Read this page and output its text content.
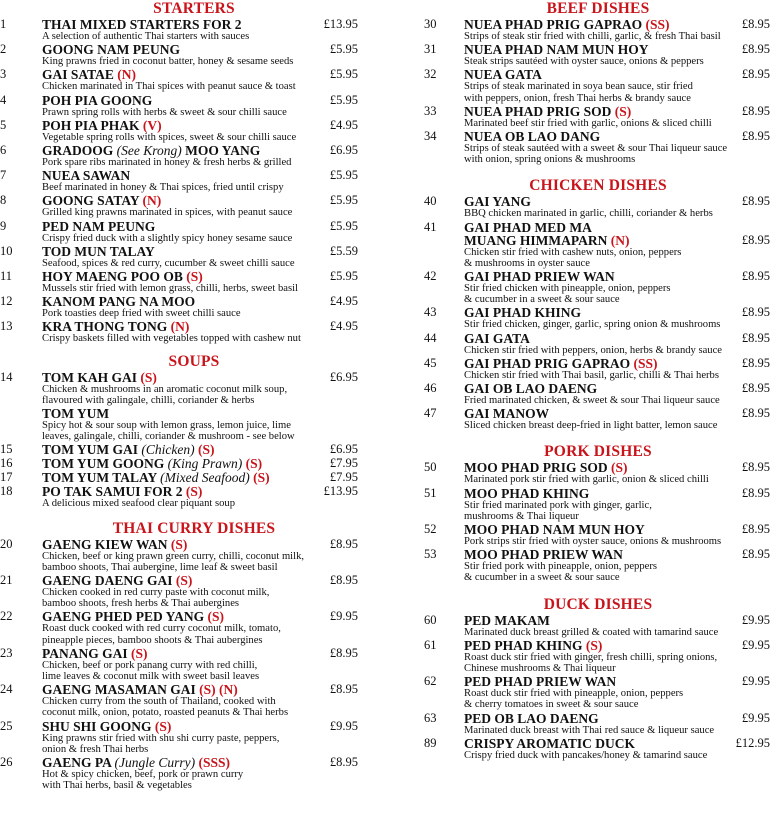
STARTERS
1	THAI MIXED STARTERS FOR 2	£13.95
A selection of authentic Thai starters with sauces
2	GOONG NAM PEUNG	£5.95
King prawns fried in coconut batter, honey & sesame seeds
3	GAI SATAE (N)	£5.95
Chicken marinated in Thai spices with peanut sauce & toast
4	POH PIA GOONG	£5.95
Prawn spring rolls with herbs & sweet & sour chilli sauce
5	POH PIA PHAK (V)	£4.95
Vegetable spring rolls with spices, sweet & sour chilli sauce
6	GRADOOG (See Krong) MOO YANG	£6.95
Pork spare ribs marinated in honey & fresh herbs & grilled
7	NUEA SAWAN	£5.95
Beef marinated in honey & Thai spices, fried until crispy
8	GOONG SATAY (N)	£5.95
Grilled king prawns marinated in spices, with peanut sauce
9	PED NAM PEUNG	£5.95
Crispy fried duck with a slightly spicy honey sesame sauce
10	TOD MUN TALAY	£5.59
Seafood, spices & red curry, cucumber & sweet chilli sauce
11	HOY MAENG POO OB (S)	£5.95
Mussels stir fried with lemon grass, chilli, herbs, sweet basil
12	KANOM PANG NA MOO	£4.95
Pork toasties deep fried with sweet chilli sauce
13	KRA THONG TONG (N)	£4.95
Crispy baskets filled with vegetables topped with cashew nut
SOUPS
14	TOM KAH GAI (S)	£6.95
Chicken & mushrooms in an aromatic coconut milk soup,
flavoured with galingale, chilli, coriander & herbs
TOM YUM
Spicy hot & sour soup with lemon grass, lemon juice, lime
leaves, galingale, chilli, coriander & mushroom - see below
15	TOM YUM GAI (Chicken) (S)	£6.95
16	TOM YUM GOONG (King Prawn) (S)	£7.95
17	TOM YUM TALAY (Mixed Seafood) (S)	£7.95
18	PO TAK SAMUI FOR 2 (S)	£13.95
A delicious mixed seafood clear piquant soup
THAI CURRY DISHES
20	GAENG KIEW WAN (S)	£8.95
Chicken, beef or king prawn green curry, chilli, coconut milk,
bamboo shoots, Thai aubergine, lime leaf & sweet basil
21	GAENG DAENG GAI (S)	£8.95
Chicken cooked in red curry paste with coconut milk,
bamboo shoots, fresh herbs & Thai aubergines
22	GAENG PHED PED YANG (S)	£9.95
Roast duck cooked with red curry coconut milk, tomato,
pineapple pieces, bamboo shoots & Thai aubergines
23	PANANG GAI (S)	£8.95
Chicken, beef or pork panang curry with red chilli,
lime leaves & coconut milk with sweet basil leaves
24	GAENG MASAMAN GAI (S) (N)	£8.95
Chicken curry from the south of Thailand, cooked with
coconut milk, onion, potato, roasted peanuts & Thai herbs
25	SHU SHI GOONG (S)	£9.95
King prawns stir fried with shu shi curry paste, peppers,
onion & fresh Thai herbs
26	GAENG PA (Jungle Curry) (SSS)	£8.95
Hot & spicy chicken, beef, pork or prawn curry
with Thai herbs, basil & vegetables
BEEF DISHES
30	NUEA PHAD PRIG GAPRAO (SS)	£8.95
Strips of steak stir fried with chilli, garlic, & fresh Thai basil
31	NUEA PHAD NAM MUN HOY	£8.95
Steak strips sautéed with oyster sauce, onions & peppers
32	NUEA GATA	£8.95
Strips of steak marinated in soya bean sauce, stir fried
with peppers, onion, fresh Thai herbs & brandy sauce
33	NUEA PHAD PRIG SOD (S)	£8.95
Marinated beef stir fried with garlic, onions & sliced chilli
34	NUEA OB LAO DANG	£8.95
Strips of steak sautéed with a sweet & sour Thai liqueur sauce
with onion, spring onions & mushrooms
CHICKEN DISHES
40	GAI YANG	£8.95
BBQ chicken marinated in garlic, chilli, coriander & herbs
41	GAI PHAD MED MA
MUANG HIMMAPARN (N)	£8.95
Chicken stir fried with cashew nuts, onion, peppers
& mushrooms in oyster sauce
42	GAI PHAD PRIEW WAN	£8.95
Stir fried chicken with pineapple, onion, peppers
& cucumber in a sweet & sour sauce
43	GAI PHAD KHING	£8.95
Stir fried chicken, ginger, garlic, spring onion & mushrooms
44	GAI GATA	£8.95
Chicken stir fried with peppers, onion, herbs & brandy sauce
45	GAI PHAD PRIG GAPRAO (SS)	£8.95
Chicken stir fried with Thai basil, garlic, chilli & Thai herbs
46	GAI OB LAO DAENG	£8.95
Fried marinated chicken, & sweet & sour Thai liqueur sauce
47	GAI MANOW	£8.95
Sliced chicken breast deep-fried in light batter, lemon sauce
PORK DISHES
50	MOO PHAD PRIG SOD (S)	£8.95
Marinated pork stir fried with garlic, onion & sliced chilli
51	MOO PHAD KHING	£8.95
Stir fried marinated pork with ginger, garlic,
mushrooms & Thai liqueur
52	MOO PHAD NAM MUN HOY	£8.95
Pork strips stir fried with oyster sauce, onions & mushrooms
53	MOO PHAD PRIEW WAN	£8.95
Stir fried pork with pineapple, onion, peppers
& cucumber in a sweet & sour sauce
DUCK DISHES
60	PED MAKAM	£9.95
Marinated duck breast grilled & coated with tamarind sauce
61	PED PHAD KHING (S)	£9.95
Roast duck stir fried with ginger, fresh chilli, spring onions,
Chinese mushrooms & Thai liqueur
62	PED PHAD PRIEW WAN	£9.95
Roast duck stir fried with pineapple, onion, peppers
& cherry tomatoes in sweet & sour sauce
63	PED OB LAO DAENG	£9.95
Marinated duck breast with Thai red sauce & liqueur sauce
89	CRISPY AROMATIC DUCK	£12.95
Crispy fried duck with pancakes/honey & tamarind sauce
